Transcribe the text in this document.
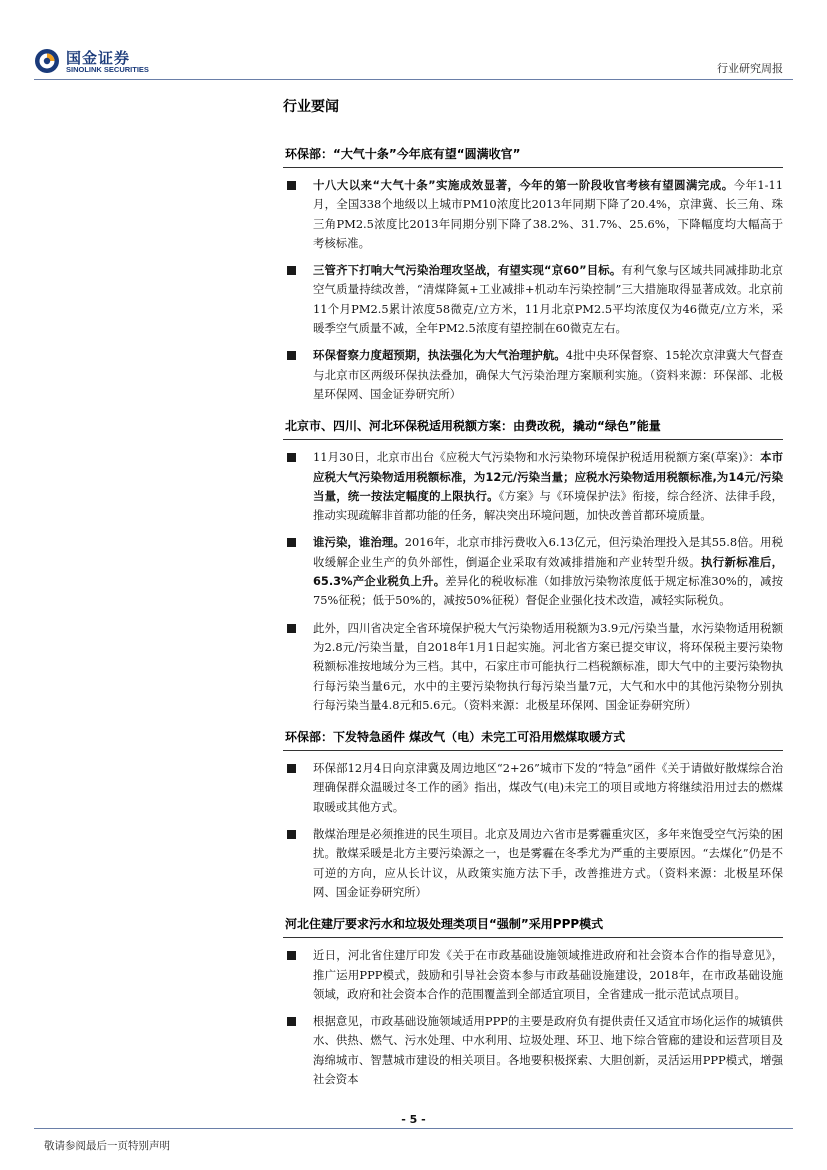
国金证券
SINOLINK SECURITIES	行业研究周报
行业要闻
环保部：“大气十条”今年底有望“圆满收官”
十八大以来“大气十条”实施成效显著，今年的第一阶段收官考核有望圆满完成。今年1-11月，全国338个地级以上城市PM10浓度比2013年同期下降了20.4%，京津冀、长三角、珠三角PM2.5浓度比2013年同期分别下降了38.2%、31.7%、25.6%，下降幅度均大幅高于考核标准。
三管齐下打响大气污染治理攻坚战，有望实现“京60”目标。有利气象与区域共同减排助北京空气质量持续改善，“清煤降氮+工业减排+机动车污染控制”三大措施取得显著成效。北京前11个月PM2.5累计浓度58微克/立方米，11月北京PM2.5平均浓度仅为46微克/立方米，采暖季空气质量不减，全年PM2.5浓度有望控制在60微克左右。
环保督察力度超预期，执法强化为大气治理护航。4批中央环保督察、15轮次京津冀大气督查与北京市区两级环保执法叠加，确保大气污染治理方案顺利实施。（资料来源：环保部、北极星环保网、国金证券研究所）
北京市、四川、河北环保税适用税额方案：由费改税，撬动“绿色”能量
11月30日，北京市出台《应税大气污染物和水污染物环境保护税适用税额方案(草案)》：本市应税大气污染物适用税额标准，为12元/污染当量；应税水污染物适用税额标准,为14元/污染当量，统一按法定幅度的上限执行。《方案》与《环境保护法》衔接，综合经济、法律手段，推动实现疏解非首都功能的任务，解决突出环境问题，加快改善首都环境质量。
谁污染，谁治理。2016年，北京市排污费收入6.13亿元，但污染治理投入是其55.8倍。用税收缓解企业生产的负外部性，倒逼企业采取有效减排措施和产业转型升级。执行新标准后，65.3%产企业税负上升。差异化的税收标准（如排放污染物浓度低于规定标准30%的，减按75%征税；低于50%的，减按50%征税）督促企业强化技术改造，减轻实际税负。
此外，四川省决定全省环境保护税大气污染物适用税额为3.9元/污染当量，水污染物适用税额为2.8元/污染当量，自2018年1月1日起实施。河北省方案已提交审议，将环保税主要污染物税额标准按地域分为三档。其中，石家庄市可能执行二档税额标准，即大气中的主要污染物执行每污染当量6元，水中的主要污染物执行每污染当量7元，大气和水中的其他污染物分别执行每污染当量4.8元和5.6元。（资料来源：北极星环保网、国金证券研究所）
环保部：下发特急函件 煤改气（电）未完工可沿用燃煤取暖方式
环保部12月4日向京津冀及周边地区“2+26”城市下发的“特急”函件《关于请做好散煤综合治理确保群众温暖过冬工作的函》指出，煤改气(电)未完工的项目或地方将继续沿用过去的燃煤取暖或其他方式。
散煤治理是必须推进的民生项目。北京及周边六省市是雾霾重灾区，多年来饱受空气污染的困扰。散煤采暖是北方主要污染源之一，也是雾霾在冬季尤为严重的主要原因。“去煤化”仍是不可逆的方向，应从长计议，从政策实施方法下手，改善推进方式。（资料来源：北极星环保网、国金证券研究所）
河北住建厅要求污水和垃圾处理类项目“强制”采用PPP模式
近日，河北省住建厅印发《关于在市政基础设施领域推进政府和社会资本合作的指导意见》，推广运用PPP模式，鼓励和引导社会资本参与市政基础设施建设，2018年，在市政基础设施领域，政府和社会资本合作的范围覆盖到全部适宜项目，全省建成一批示范试点项目。
根据意见，市政基础设施领域适用PPP的主要是政府负有提供责任又适宜市场化运作的城镇供水、供热、燃气、污水处理、中水利用、垃圾处理、环卫、地下综合管廊的建设和运营项目及海绵城市、智慧城市建设的相关项目。各地要积极探索、大胆创新，灵活运用PPP模式，增强社会资本
- 5 -
敬请参阅最后一页特别声明
